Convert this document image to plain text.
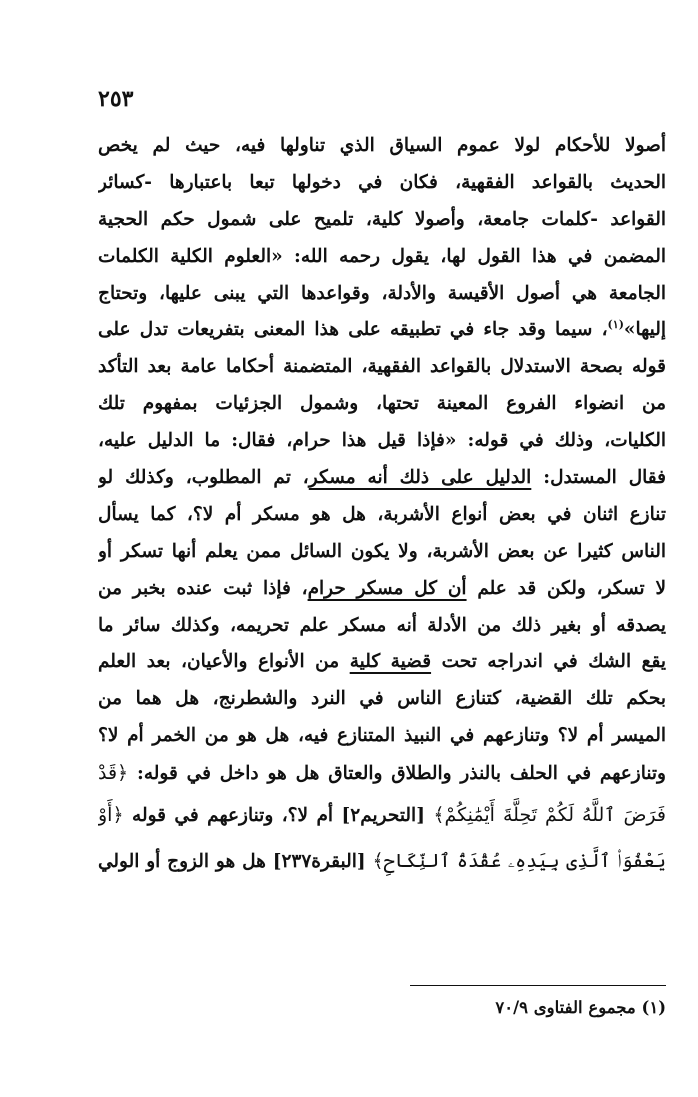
٢٥٣

أصولا للأحكام لولا عموم السياق الذي تناولها فيه، حيث لم يخص
الحديث بالقواعد الفقهية، فكان في دخولها تبعا باعتبارها -كسائر
القواعد -كلمات جامعة، وأصولا كلية، تلميح على شمول حكم الحجية
المضمن في هذا القول لها، يقول رحمه الله: «العلوم الكلية الكلمات
الجامعة هي أصول الأقيسة والأدلة، وقواعدها التي يبنى عليها، وتحتاج
إليها»$^{(١)}$، سيما وقد جاء في تطبيقه على هذا المعنى بتفريعات تدل على
قوله بصحة الاستدلال بالقواعد الفقهية، المتضمنة أحكاما عامة بعد التأكد
من انضواء الفروع المعينة تحتها، وشمول الجزئيات بمفهوم تلك
الكليات، وذلك في قوله: «فإذا قيل هذا حرام، فقال: ما الدليل عليه،
فقال المستدل: الدليل على ذلك أنه مسكر، تم المطلوب، وكذلك لو
تنازع اثنان في بعض أنواع الأشربة، هل هو مسكر أم لا؟، كما يسأل
الناس كثيرا عن بعض الأشربة، ولا يكون السائل ممن يعلم أنها تسكر أو
لا تسكر، ولكن قد علم أن كل مسكر حرام، فإذا ثبت عنده بخبر من
يصدقه أو بغير ذلك من الأدلة أنه مسكر علم تحريمه، وكذلك سائر ما
يقع الشك في اندراجه تحت قضية كلية من الأنواع والأعيان، بعد العلم
بحكم تلك القضية، كتنازع الناس في النرد والشطرنج، هل هما من
الميسر أم لا؟ وتنازعهم في النبيذ المتنازع فيه، هل هو من الخمر أم لا؟
وتنازعهم في الحلف بالنذر والطلاق والعتاق هل هو داخل في قوله: ﴿قَدْ
فَرَضَ ٱللَّهُ لَكُمْ تَحِلَّةَ أَيْمَٰنِكُمْ﴾ [التحريم٢] أم لا؟، وتنازعهم في قوله ﴿أَوْ
يَعْفُوَا۟ ٱلَّذِى بِيَدِهِۦ عُقْدَةُ ٱلنِّكَاحِ﴾ [البقرة٢٣٧] هل هو الزوج أو الولي

(١) مجموع الفتاوى ٧٠/٩
